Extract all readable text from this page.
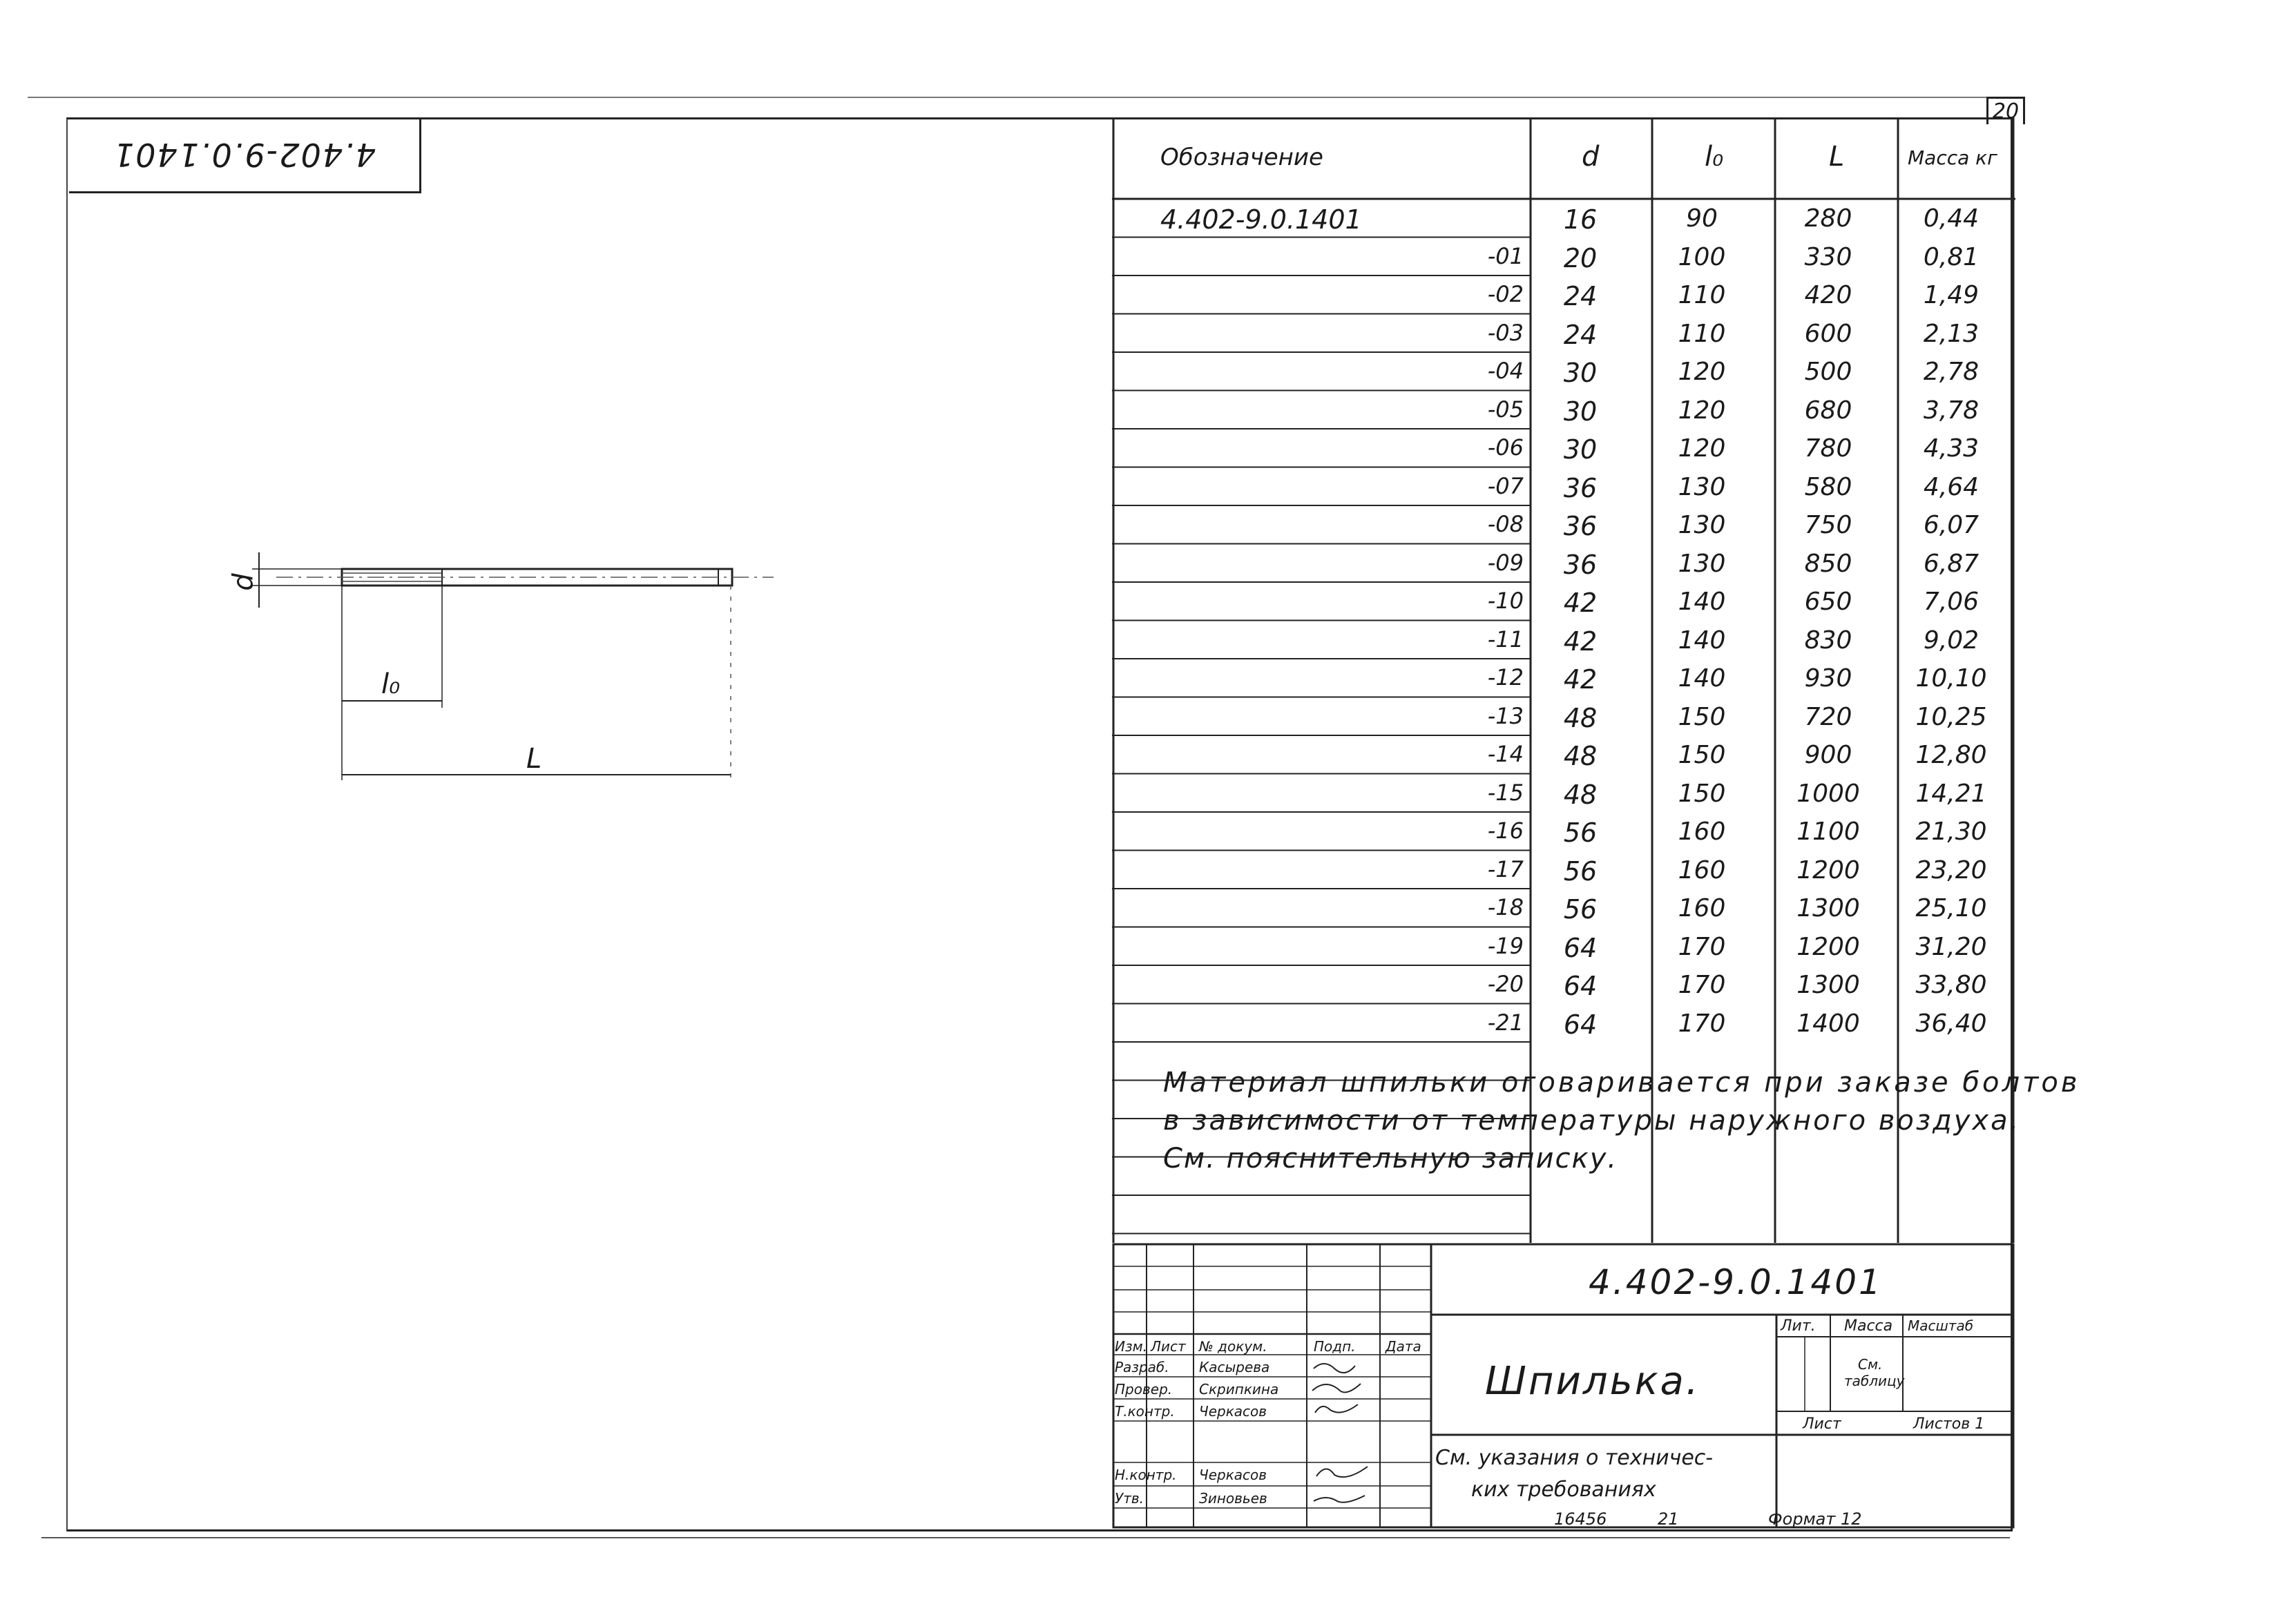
20
4.402-9.0.1401
d
l₀
L
Обозначение	d	l₀	L	Масса кг
4.402-9.0.1401	16	90	280	0,44
-01	20	100	330	0,81
-02	24	110	420	1,49
-03	24	110	600	2,13
-04	30	120	500	2,78
-05	30	120	680	3,78
-06	30	120	780	4,33
-07	36	130	580	4,64
-08	36	130	750	6,07
-09	36	130	850	6,87
-10	42	140	650	7,06
-11	42	140	830	9,02
-12	42	140	930	10,10
-13	48	150	720	10,25
-14	48	150	900	12,80
-15	48	150	1000	14,21
-16	56	160	1100	21,30
-17	56	160	1200	23,20
-18	56	160	1300	25,10
-19	64	170	1200	31,20
-20	64	170	1300	33,80
-21	64	170	1400	36,40
Материал шпильки оговаривается при заказе болтов
в зависимости от температуры наружного воздуха.
См. пояснительную записку.
Изм. Лист № докум.	Подп. Дата
Разраб. Касырева
Провер. Скрипкина
Т.контр. Черкасов
Н.контр. Черкасов
Утв.	Зиновьев
4.402-9.0.1401
Шпилька.
Лит. Масса Масштаб
См.
таблицу
Лист	Листов 1
См. указания о техничес-
ких требованиях
16456	21	Формат 12
